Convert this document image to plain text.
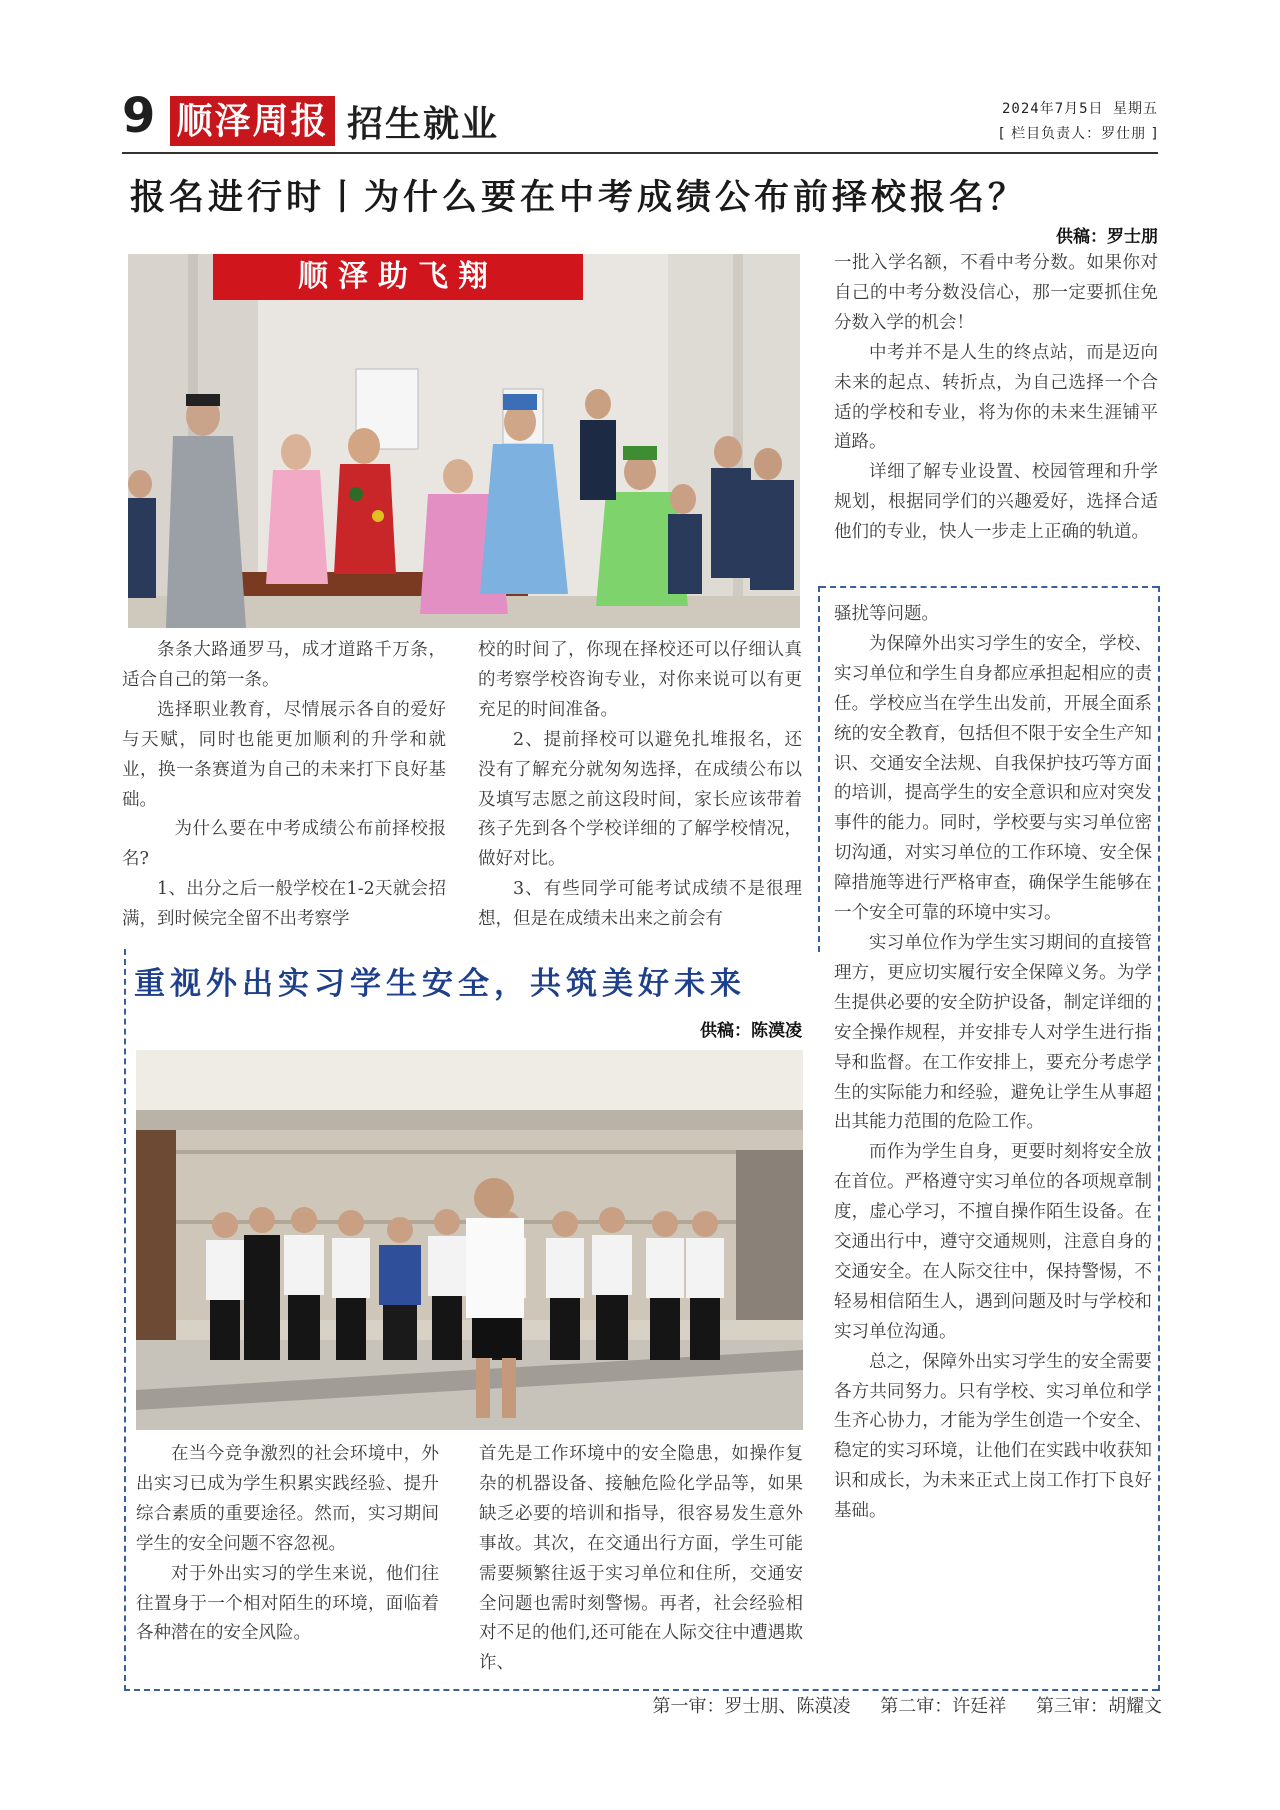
9 顺泽周报 招生就业	2024年7月5日 星期五
[ 栏目负责人：罗仕朋 ]
报名进行时丨为什么要在中考成绩公布前择校报名？
供稿：罗士朋
顺泽助飞翔

条条大路通罗马，成才道路千万条，适合自己的第一条。

选择职业教育，尽情展示各自的爱好与天赋，同时也能更加顺利的升学和就业，换一条赛道为自己的未来打下良好基础。

为什么要在中考成绩公布前择校报名?

1、出分之后一般学校在1-2天就会招满，到时候完全留不出考察学

校的时间了，你现在择校还可以仔细认真的考察学校咨询专业，对你来说可以有更充足的时间准备。

2、提前择校可以避免扎堆报名，还没有了解充分就匆匆选择，在成绩公布以及填写志愿之前这段时间，家长应该带着孩子先到各个学校详细的了解学校情况，做好对比。

3、有些同学可能考试成绩不是很理想，但是在成绩未出来之前会有

一批入学名额，不看中考分数。如果你对自己的中考分数没信心，那一定要抓住免分数入学的机会！

中考并不是人生的终点站，而是迈向未来的起点、转折点，为自己选择一个合适的学校和专业，将为你的未来生涯铺平道路。

详细了解专业设置、校园管理和升学规划，根据同学们的兴趣爱好，选择合适他们的专业，快人一步走上正确的轨道。

重视外出实习学生安全，共筑美好未来
供稿：陈漠凌

在当今竞争激烈的社会环境中，外出实习已成为学生积累实践经验、提升综合素质的重要途径。然而，实习期间学生的安全问题不容忽视。

对于外出实习的学生来说，他们往往置身于一个相对陌生的环境，面临着各种潜在的安全风险。

首先是工作环境中的安全隐患，如操作复杂的机器设备、接触危险化学品等，如果缺乏必要的培训和指导，很容易发生意外事故。其次，在交通出行方面，学生可能需要频繁往返于实习单位和住所，交通安全问题也需时刻警惕。再者，社会经验相对不足的他们,还可能在人际交往中遭遇欺诈、

骚扰等问题。

为保障外出实习学生的安全，学校、实习单位和学生自身都应承担起相应的责任。学校应当在学生出发前，开展全面系统的安全教育，包括但不限于安全生产知识、交通安全法规、自我保护技巧等方面的培训，提高学生的安全意识和应对突发事件的能力。同时，学校要与实习单位密切沟通，对实习单位的工作环境、安全保障措施等进行严格审查，确保学生能够在一个安全可靠的环境中实习。

实习单位作为学生实习期间的直接管理方，更应切实履行安全保障义务。为学生提供必要的安全防护设备，制定详细的安全操作规程，并安排专人对学生进行指导和监督。在工作安排上，要充分考虑学生的实际能力和经验，避免让学生从事超出其能力范围的危险工作。

而作为学生自身，更要时刻将安全放在首位。严格遵守实习单位的各项规章制度，虚心学习，不擅自操作陌生设备。在交通出行中，遵守交通规则，注意自身的交通安全。在人际交往中，保持警惕，不轻易相信陌生人，遇到问题及时与学校和实习单位沟通。

总之，保障外出实习学生的安全需要各方共同努力。只有学校、实习单位和学生齐心协力，才能为学生创造一个安全、稳定的实习环境，让他们在实践中收获知识和成长，为未来正式上岗工作打下良好基础。

第一审：罗士朋、陈漠凌 第二审：许廷祥 第三审：胡耀文
